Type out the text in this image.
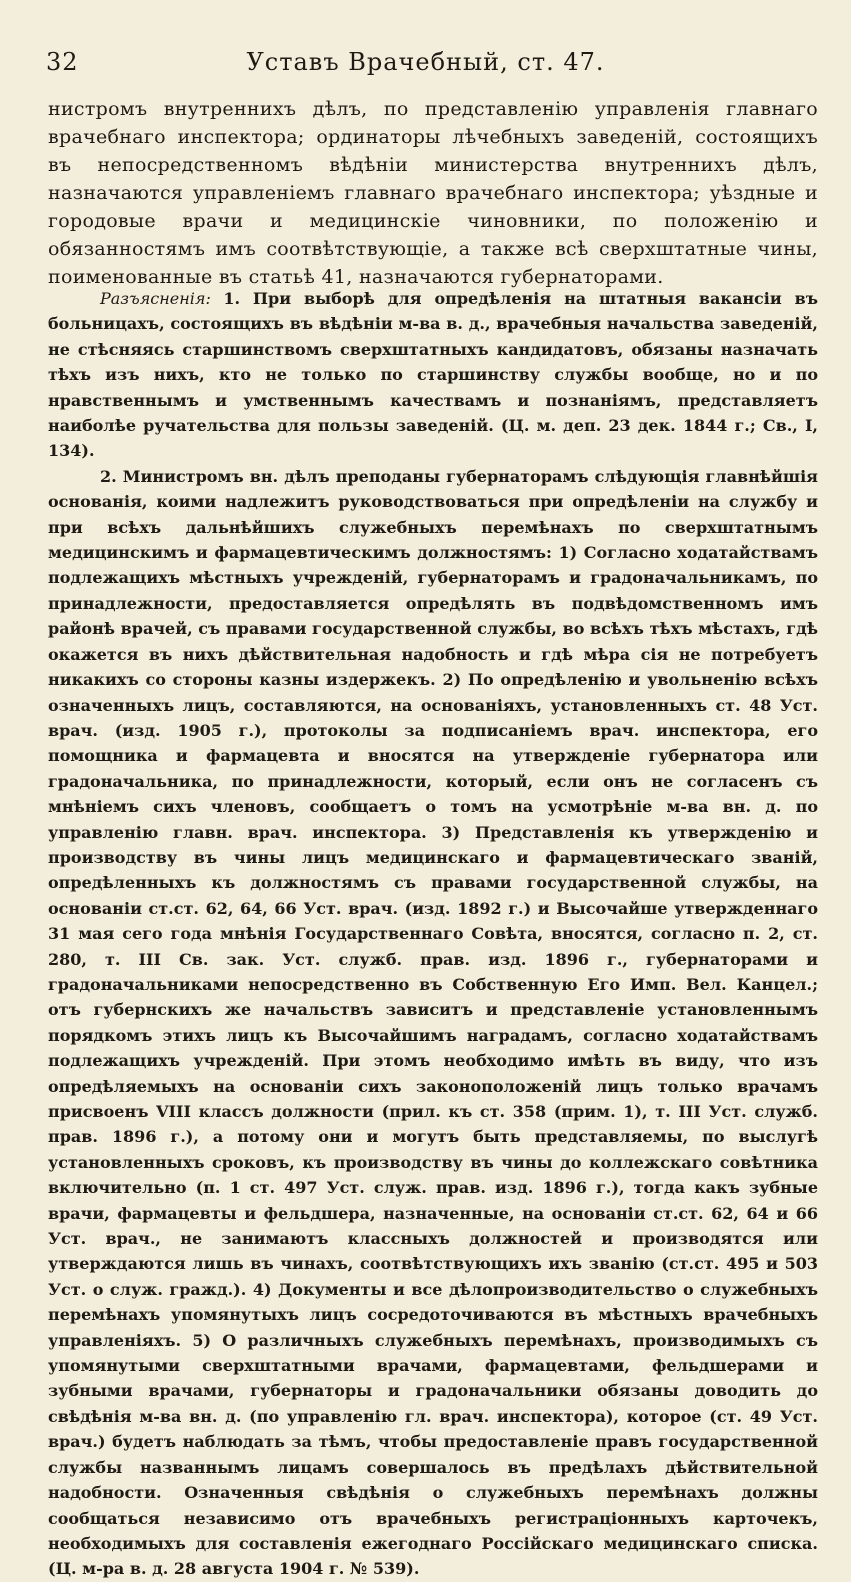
32	Уставъ Врачебный, ст. 47.

нистромъ внутреннихъ дѣлъ, по представленію управленія главнаго врачебнаго инспектора; ординаторы лѣчебныхъ заведеній, состоящихъ въ непосредственномъ вѣдѣніи министерства внутреннихъ дѣлъ, назначаются управленіемъ главнаго врачебнаго инспектора; уѣздные и городовые врачи и медицинскіе чиновники, по положенію и обязанностямъ имъ соотвѣтствующіе, а также всѣ сверхштатные чины, поименованные въ статьѣ 41, назначаются губернаторами.

Разъясненія: 1. При выборѣ для опредѣленія на штатныя вакансіи въ больницахъ, состоящихъ въ вѣдѣніи м-ва в. д., врачебныя начальства заведеній, не стѣсняясь старшинствомъ сверхштатныхъ кандидатовъ, обязаны назначать тѣхъ изъ нихъ, кто не только по старшинству службы вообще, но и по нравственнымъ и умственнымъ качествамъ и познаніямъ, представляетъ наиболѣе ручательства для пользы заведеній. (Ц. м. деп. 23 дек. 1844 г.; Св., І, 134).

2. Министромъ вн. дѣлъ преподаны губернаторамъ слѣдующія главнѣйшія основанія, коими надлежитъ руководствоваться при опредѣленіи на службу и при всѣхъ дальнѣйшихъ служебныхъ перемѣнахъ по сверхштатнымъ медицинскимъ и фармацевтическимъ должностямъ: 1) Согласно ходатайствамъ подлежащихъ мѣстныхъ учрежденій, губернаторамъ и градоначальникамъ, по принадлежности, предоставляется опредѣлять въ подвѣдомственномъ имъ районѣ врачей, съ правами государственной службы, во всѣхъ тѣхъ мѣстахъ, гдѣ окажется въ нихъ дѣйствительная надобность и гдѣ мѣра сія не потребуетъ никакихъ со стороны казны издержекъ. 2) По опредѣленію и увольненію всѣхъ означенныхъ лицъ, составляются, на основаніяхъ, установленныхъ ст. 48 Уст. врач. (изд. 1905 г.), протоколы за подписаніемъ врач. инспектора, его помощника и фармацевта и вносятся на утвержденіе губернатора или градоначальника, по принадлежности, который, если онъ не согласенъ съ мнѣніемъ сихъ членовъ, сообщаетъ о томъ на усмотрѣніе м-ва вн. д. по управленію главн. врач. инспектора. 3) Представленія къ утвержденію и производству въ чины лицъ медицинскаго и фармацевтическаго званій, опредѣленныхъ къ должностямъ съ правами государственной службы, на основаніи ст.ст. 62, 64, 66 Уст. врач. (изд. 1892 г.) и Высочайше утвержденнаго 31 мая сего года мнѣнія Государственнаго Совѣта, вносятся, согласно п. 2, ст. 280, т. III Св. зак. Уст. служб. прав. изд. 1896 г., губернаторами и градоначальниками непосредственно въ Собственную Его Имп. Вел. Канцел.; отъ губернскихъ же начальствъ зависитъ и представленіе установленнымъ порядкомъ этихъ лицъ къ Высочайшимъ наградамъ, согласно ходатайствамъ подлежащихъ учрежденій. При этомъ необходимо имѣть въ виду, что изъ опредѣляемыхъ на основаніи сихъ законоположеній лицъ только врачамъ присвоенъ VIII классъ должности (прил. къ ст. 358 (прим. 1), т. III Уст. служб. прав. 1896 г.), а потому они и могутъ быть представляемы, по выслугѣ установленныхъ сроковъ, къ производству въ чины до коллежскаго совѣтника включительно (п. 1 ст. 497 Уст. служ. прав. изд. 1896 г.), тогда какъ зубные врачи, фармацевты и фельдшера, назначенные, на основаніи ст.ст. 62, 64 и 66 Уст. врач., не занимаютъ классныхъ должностей и производятся или утверждаются лишь въ чинахъ, соотвѣтствующихъ ихъ званію (ст.ст. 495 и 503 Уст. о служ. гражд.). 4) Документы и все дѣлопроизводительство о служебныхъ перемѣнахъ упомянутыхъ лицъ сосредоточиваются въ мѣстныхъ врачебныхъ управленіяхъ. 5) О различныхъ служебныхъ перемѣнахъ, производимыхъ съ упомянутыми сверхштатными врачами, фармацевтами, фельдшерами и зубными врачами, губернаторы и градоначальники обязаны доводить до свѣдѣнія м-ва вн. д. (по управленію гл. врач. инспектора), которое (ст. 49 Уст. врач.) будетъ наблюдать за тѣмъ, чтобы предоставленіе правъ государственной службы названнымъ лицамъ совершалось въ предѣлахъ дѣйствительной надобности. Означенныя свѣдѣнія о служебныхъ перемѣнахъ должны сообщаться независимо отъ врачебныхъ регистраціонныхъ карточекъ, необходимыхъ для составленія ежегоднаго Россійскаго медицинскаго списка. (Ц. м-ра в. д. 28 августа 1904 г. № 539).
